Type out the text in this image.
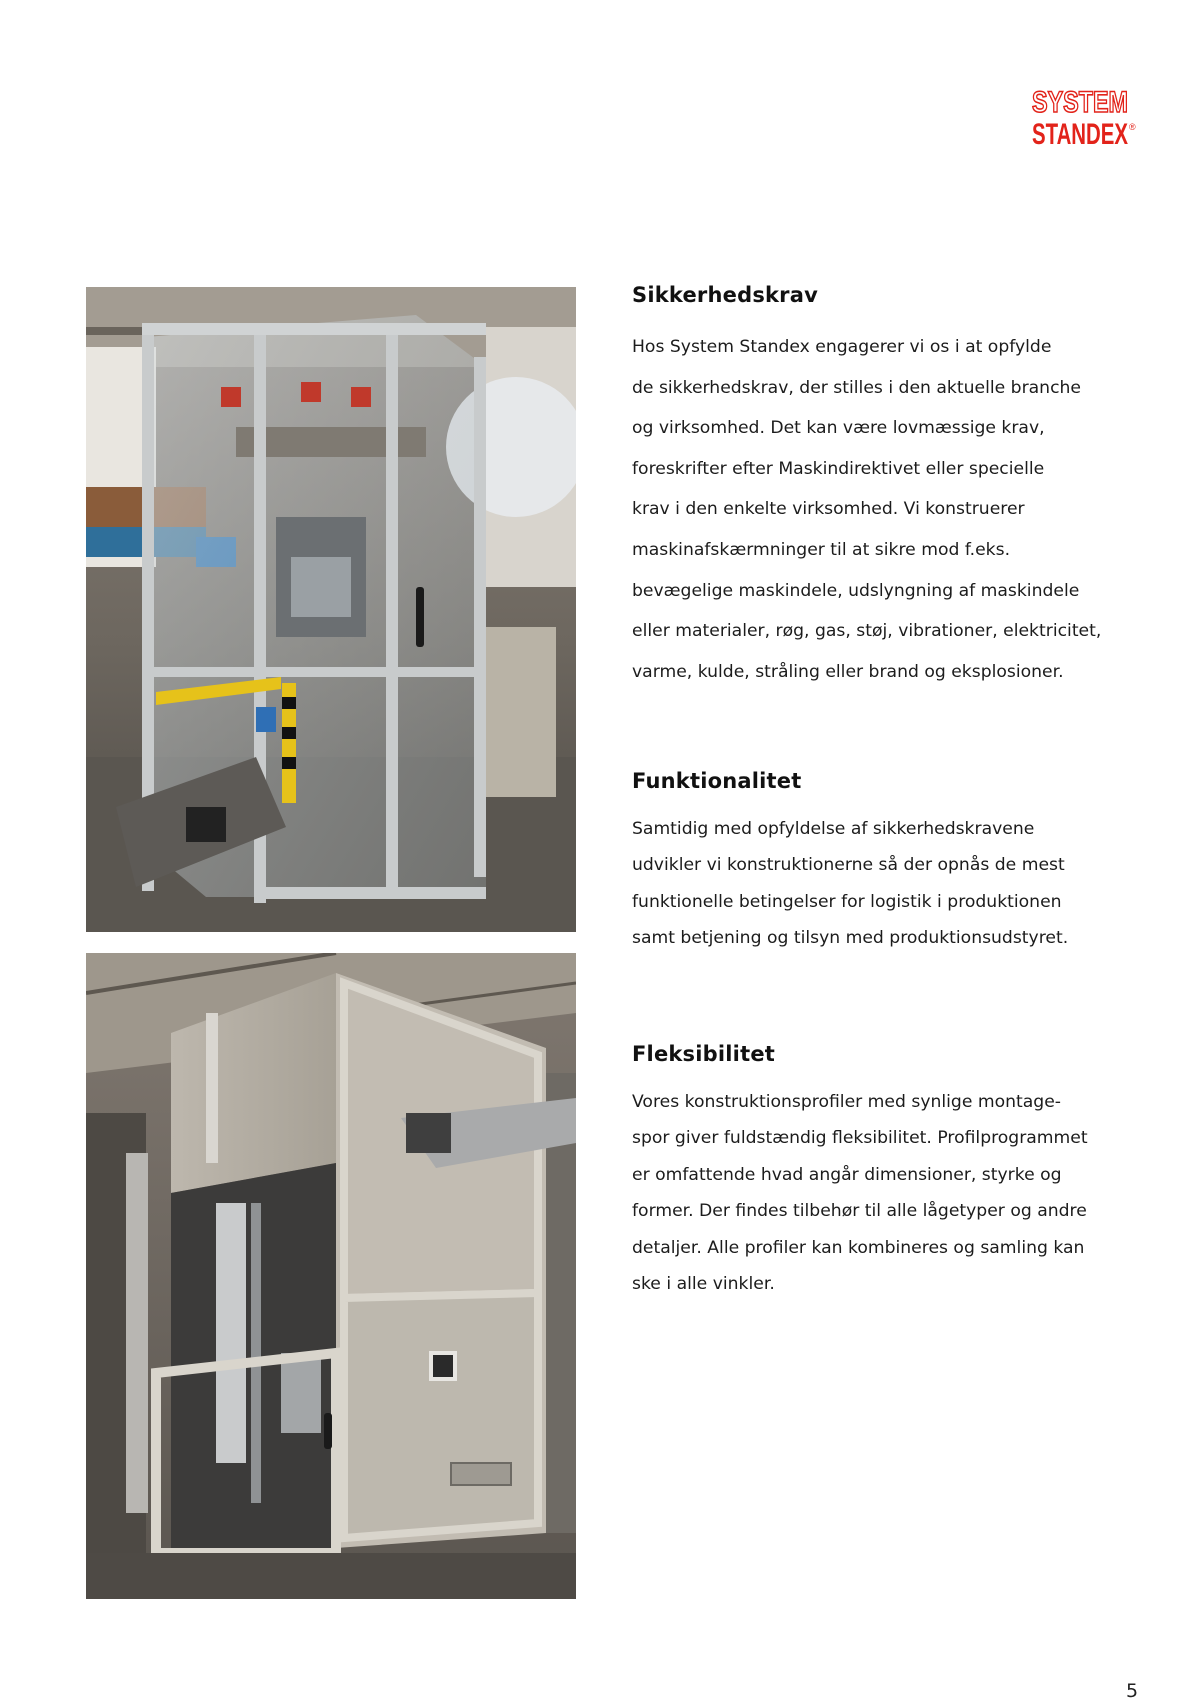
SYSTEM
STANDEX ®
Sikkerhedskrav

Hos System Standex engagerer vi os i at opfylde
de sikkerhedskrav, der stilles i den aktuelle branche
og virksomhed. Det kan være lovmæssige krav,
foreskrifter efter Maskindirektivet eller specielle
krav i den enkelte virksomhed. Vi konstruerer
maskinafskærmninger til at sikre mod f.eks.
bevægelige maskindele, udslyngning af maskindele
eller materialer, røg, gas, støj, vibrationer, elektricitet,
varme, kulde, stråling eller brand og eksplosioner.

Funktionalitet

Samtidig med opfyldelse af sikkerhedskravene
udvikler vi konstruktionerne så der opnås de mest
funktionelle betingelser for logistik i produktionen
samt betjening og tilsyn med produktionsudstyret.

Fleksibilitet

Vores konstruktionsprofiler med synlige montage-
spor giver fuldstændig fleksibilitet. Profilprogrammet
er omfattende hvad angår dimensioner, styrke og
former. Der findes tilbehør til alle lågetyper og andre
detaljer. Alle profiler kan kombineres og samling kan
ske i alle vinkler.

5
